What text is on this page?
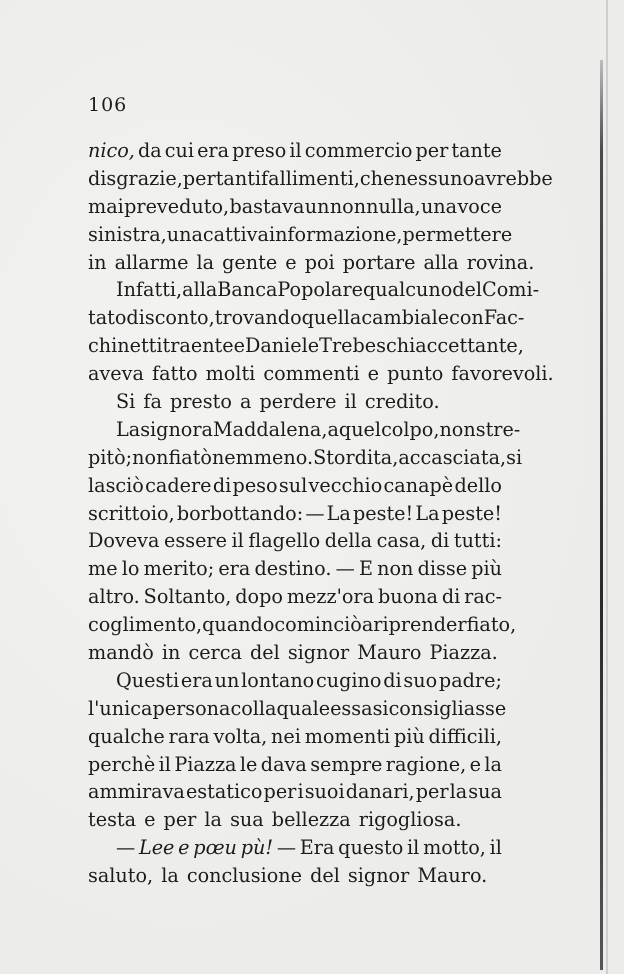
106
nico, da cui era preso il commercio per tante
disgrazie, per tanti fallimenti, che nessuno avrebbe
mai preveduto, bastava un nonnulla, una voce
sinistra, una cattiva informazione, per mettere
in allarme la gente e poi portare alla rovina.
Infatti, alla Banca Popolare qualcuno del Comi-
tato di sconto, trovando quella cambiale con Fac-
chinetti traente e Daniele Trebeschi accettante,
aveva fatto molti commenti e punto favorevoli.
Si fa presto a perdere il credito.
La signora Maddalena, a quel colpo, non stre-
pitò; non fiatò nemmeno. Stordita, accasciata, si
lasciò cadere di peso sul vecchio canapè dello
scrittoio, borbottando: — La peste! La peste!
Doveva essere il flagello della casa, di tutti:
me lo merito; era destino. — E non disse più
altro. Soltanto, dopo mezz'ora buona di rac-
coglimento, quando cominciò a riprender fiato,
mandò in cerca del signor Mauro Piazza.
Questi era un lontano cugino di suo padre;
l' unica persona colla quale essa si consigliasse
qualche rara volta, nei momenti più difficili,
perchè il Piazza le dava sempre ragione, e la
ammirava estatico per i suoi danari, per la sua
testa e per la sua bellezza rigogliosa.
— Lee e pœu pù! — Era questo il motto, il
saluto, la conclusione del signor Mauro.
